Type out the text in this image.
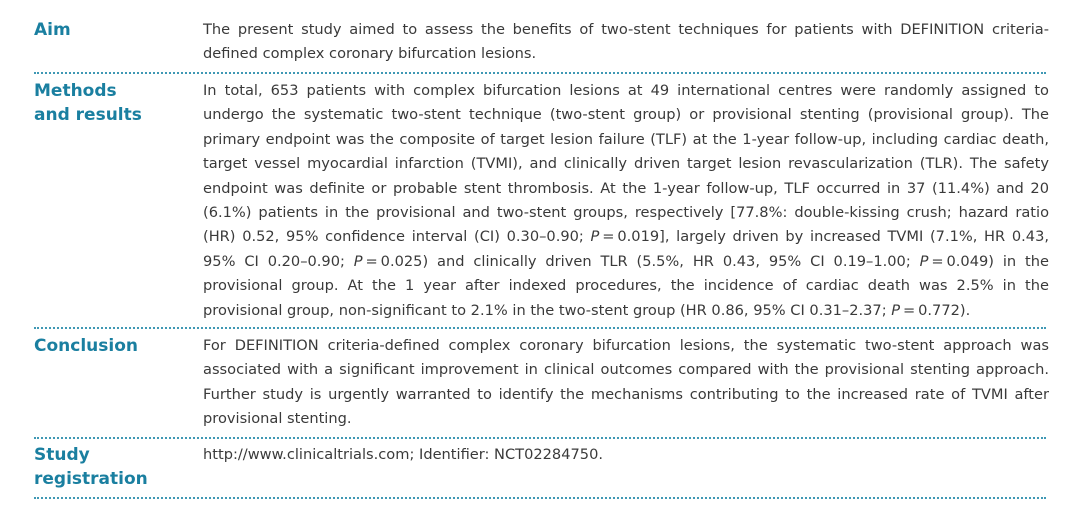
Aim	The present study aimed to assess the benefits of two-stent techniques for patients with DEFINITION criteria-defined complex coronary bifurcation lesions.
Methods
and results
In total, 653 patients with complex bifurcation lesions at 49 international centres were randomly assigned to undergo the systematic two-stent technique (two-stent group) or provisional stenting (provisional group). The primary endpoint was the composite of target lesion failure (TLF) at the 1-year follow-up, including cardiac death, target vessel myocardial infarction (TVMI), and clinically driven target lesion revascularization (TLR). The safety endpoint was definite or probable stent thrombosis. At the 1-year follow-up, TLF occurred in 37 (11.4%) and 20 (6.1%) patients in the provisional and two-stent groups, respectively [77.8%: double-kissing crush; hazard ratio (HR) 0.52, 95% confidence interval (CI) 0.30–0.90; P = 0.019], largely driven by increased TVMI (7.1%, HR 0.43, 95% CI 0.20–0.90; P = 0.025) and clinically driven TLR (5.5%, HR 0.43, 95% CI 0.19–1.00; P = 0.049) in the provisional group. At the 1 year after indexed procedures, the incidence of cardiac death was 2.5% in the provisional group, non-significant to 2.1% in the two-stent group (HR 0.86, 95% CI 0.31–2.37; P = 0.772).
Conclusion	For DEFINITION criteria-defined complex coronary bifurcation lesions, the systematic two-stent approach was associated with a significant improvement in clinical outcomes compared with the provisional stenting approach. Further study is urgently warranted to identify the mechanisms contributing to the increased rate of TVMI after provisional stenting.
Study
registration
http://www.clinicaltrials.com; Identifier: NCT02284750.
